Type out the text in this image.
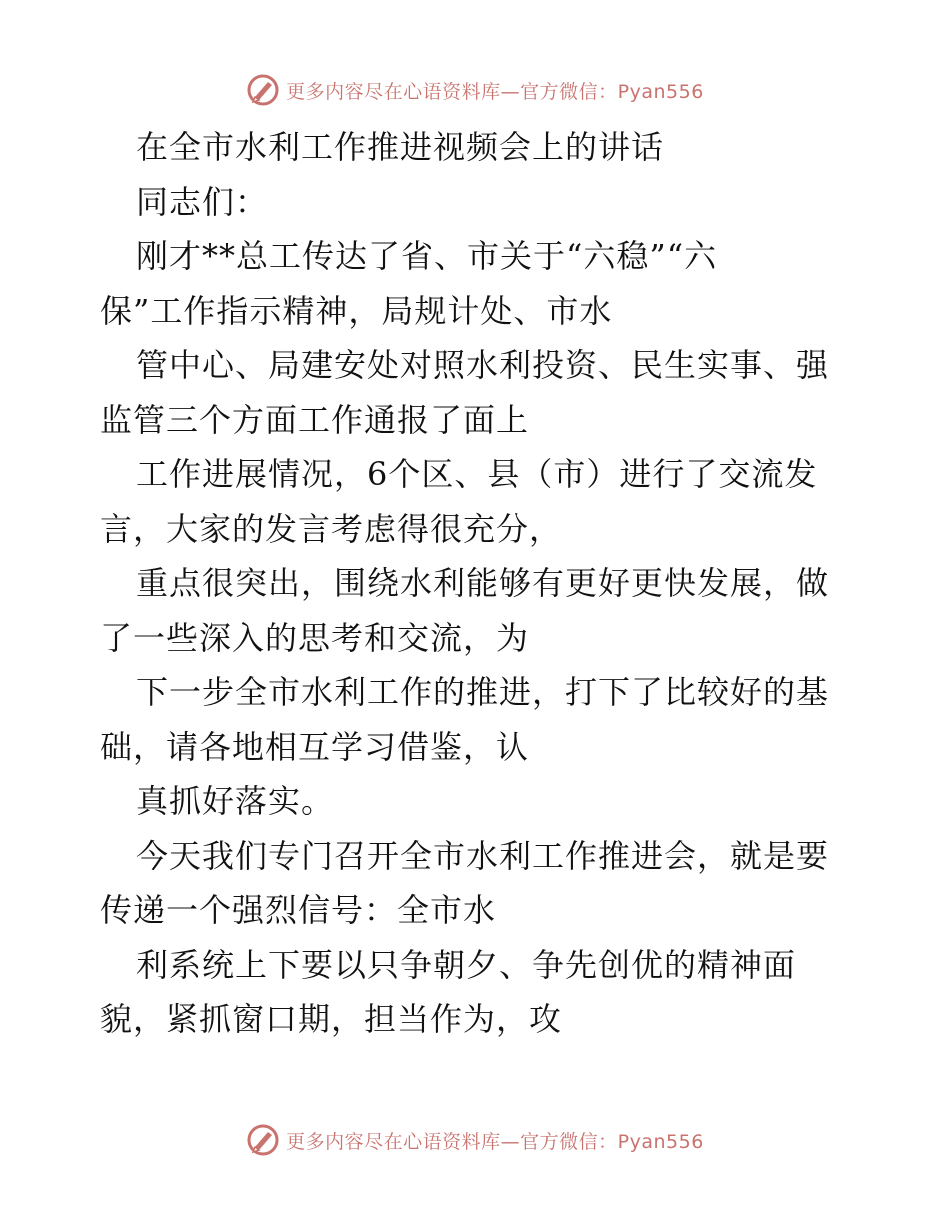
更多内容尽在心语资料库—官方微信：Pyan556
在全市水利工作推进视频会上的讲话
同志们：
刚才**总工传达了省、市关于“六稳”“六
保”工作指示精神，局规计处、市水
管中心、局建安处对照水利投资、民生实事、强
监管三个方面工作通报了面上
工作进展情况，6个区、县（市）进行了交流发
言，大家的发言考虑得很充分，
重点很突出，围绕水利能够有更好更快发展，做
了一些深入的思考和交流，为
下一步全市水利工作的推进，打下了比较好的基
础，请各地相互学习借鉴，认
真抓好落实。
今天我们专门召开全市水利工作推进会，就是要
传递一个强烈信号：全市水
利系统上下要以只争朝夕、争先创优的精神面
貌，紧抓窗口期，担当作为，攻
更多内容尽在心语资料库—官方微信：Pyan556
